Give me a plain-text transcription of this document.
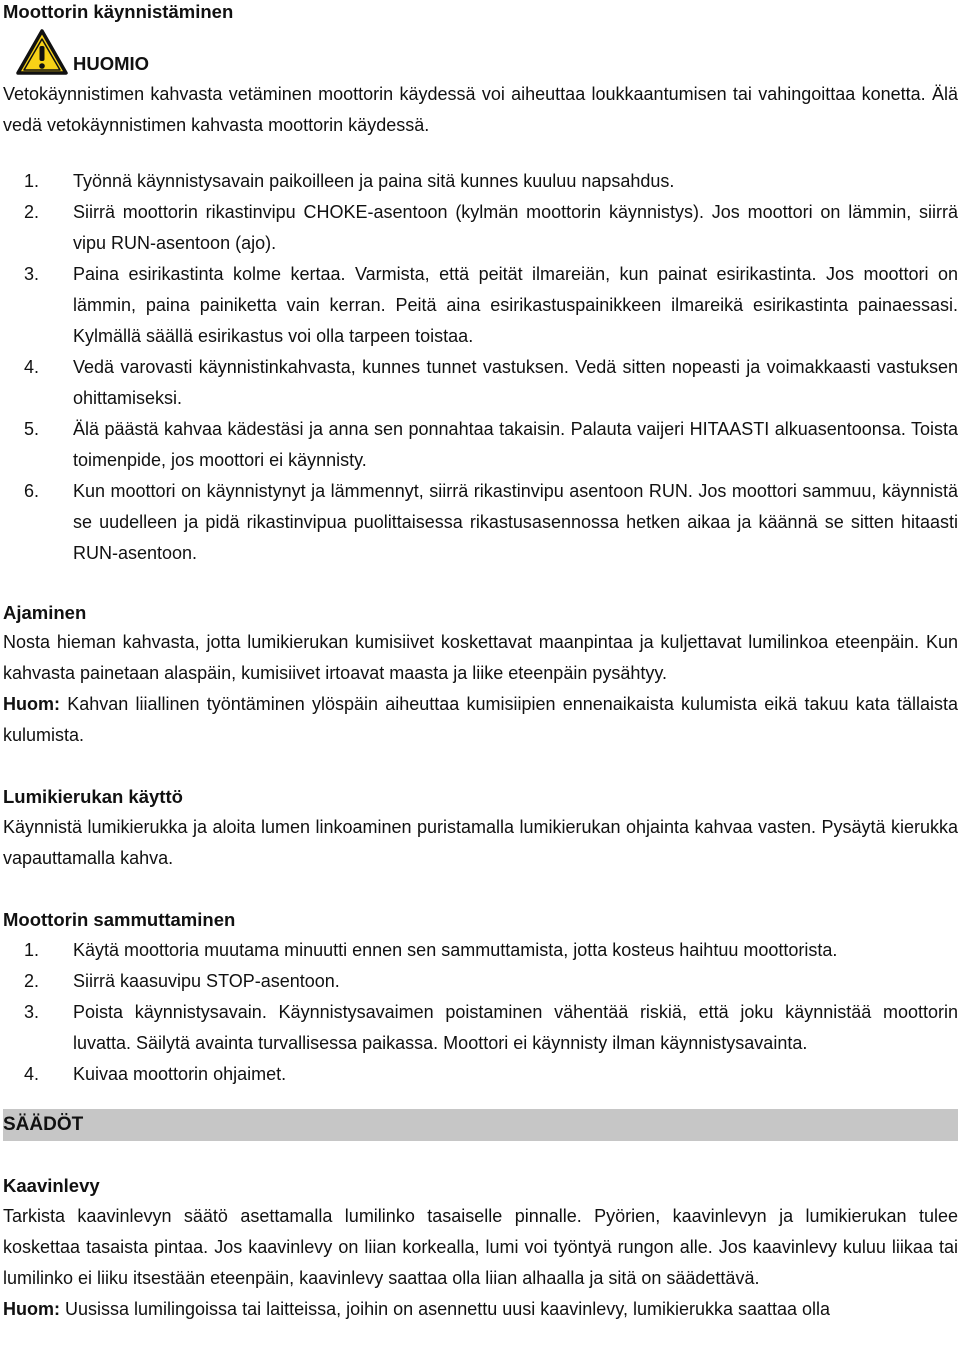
Moottorin käynnistäminen
HUOMIO
Vetokäynnistimen kahvasta vetäminen moottorin käydessä voi aiheuttaa loukkaantumisen tai vahingoittaa konetta. Älä vedä vetokäynnistimen kahvasta moottorin käydessä.
1.	Työnnä käynnistysavain paikoilleen ja paina sitä kunnes kuuluu napsahdus.
2.	Siirrä moottorin rikastinvipu CHOKE-asentoon (kylmän moottorin käynnistys). Jos moottori on lämmin, siirrä vipu RUN-asentoon (ajo).
3.	Paina esirikastinta kolme kertaa. Varmista, että peität ilmareiän, kun painat esirikastinta. Jos moottori on lämmin, paina painiketta vain kerran. Peitä aina esirikastuspainikkeen ilmareikä esirikastinta painaessasi. Kylmällä säällä esirikastus voi olla tarpeen toistaa.
4.	Vedä varovasti käynnistinkahvasta, kunnes tunnet vastuksen. Vedä sitten nopeasti ja voimakkaasti vastuksen ohittamiseksi.
5.	Älä päästä kahvaa kädestäsi ja anna sen ponnahtaa takaisin. Palauta vaijeri HITAASTI alkuasentoonsa. Toista toimenpide, jos moottori ei käynnisty.
6.	Kun moottori on käynnistynyt ja lämmennyt, siirrä rikastinvipu asentoon RUN. Jos moottori sammuu, käynnistä se uudelleen ja pidä rikastinvipua puolittaisessa rikastusasennossa hetken aikaa ja käännä se sitten hitaasti RUN-asentoon.
Ajaminen
Nosta hieman kahvasta, jotta lumikierukan kumisiivet koskettavat maanpintaa ja kuljettavat lumilinkoa eteenpäin. Kun kahvasta painetaan alaspäin, kumisiivet irtoavat maasta ja liike eteenpäin pysähtyy.
Huom: Kahvan liiallinen työntäminen ylöspäin aiheuttaa kumisiipien ennenaikaista kulumista eikä takuu kata tällaista kulumista.
Lumikierukan käyttö
Käynnistä lumikierukka ja aloita lumen linkoaminen puristamalla lumikierukan ohjainta kahvaa vasten. Pysäytä kierukka vapauttamalla kahva.
Moottorin sammuttaminen
1.	Käytä moottoria muutama minuutti ennen sen sammuttamista, jotta kosteus haihtuu moottorista.
2.	Siirrä kaasuvipu STOP-asentoon.
3.	Poista käynnistysavain. Käynnistysavaimen poistaminen vähentää riskiä, että joku käynnistää moottorin luvatta. Säilytä avainta turvallisessa paikassa. Moottori ei käynnisty ilman käynnistysavainta.
4.	Kuivaa moottorin ohjaimet.
SÄÄDÖT
Kaavinlevy
Tarkista kaavinlevyn säätö asettamalla lumilinko tasaiselle pinnalle. Pyörien, kaavinlevyn ja lumikierukan tulee koskettaa tasaista pintaa. Jos kaavinlevy on liian korkealla, lumi voi työntyä rungon alle. Jos kaavinlevy kuluu liikaa tai lumilinko ei liiku itsestään eteenpäin, kaavinlevy saattaa olla liian alhaalla ja sitä on säädettävä.
Huom: Uusissa lumilingoissa tai laitteissa, joihin on asennettu uusi kaavinlevy, lumikierukka saattaa olla
